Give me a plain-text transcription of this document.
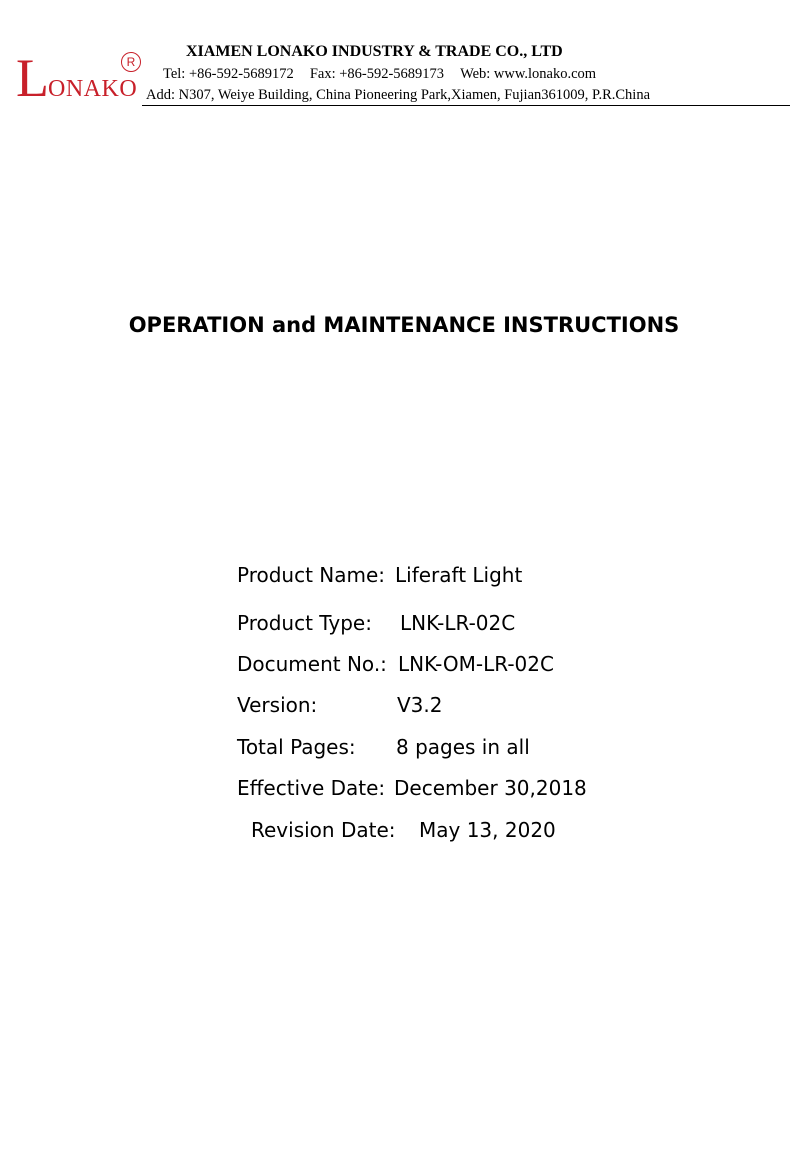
LONAKO
R
XIAMEN LONAKO INDUSTRY & TRADE CO., LTD
Tel: +86-592-5689172 Fax: +86-592-5689173 Web: www.lonako.com
Add: N307, Weiye Building, China Pioneering Park,Xiamen, Fujian361009, P.R.China
OPERATION and MAINTENANCE INSTRUCTIONS
Product Name: Liferaft Light
Product Type: LNK-LR-02C
Document No.: LNK-OM-LR-02C
Version:	V3.2
Total Pages: 8 pages in all
Effective Date: December 30,2018
Revision Date: May 13, 2020
